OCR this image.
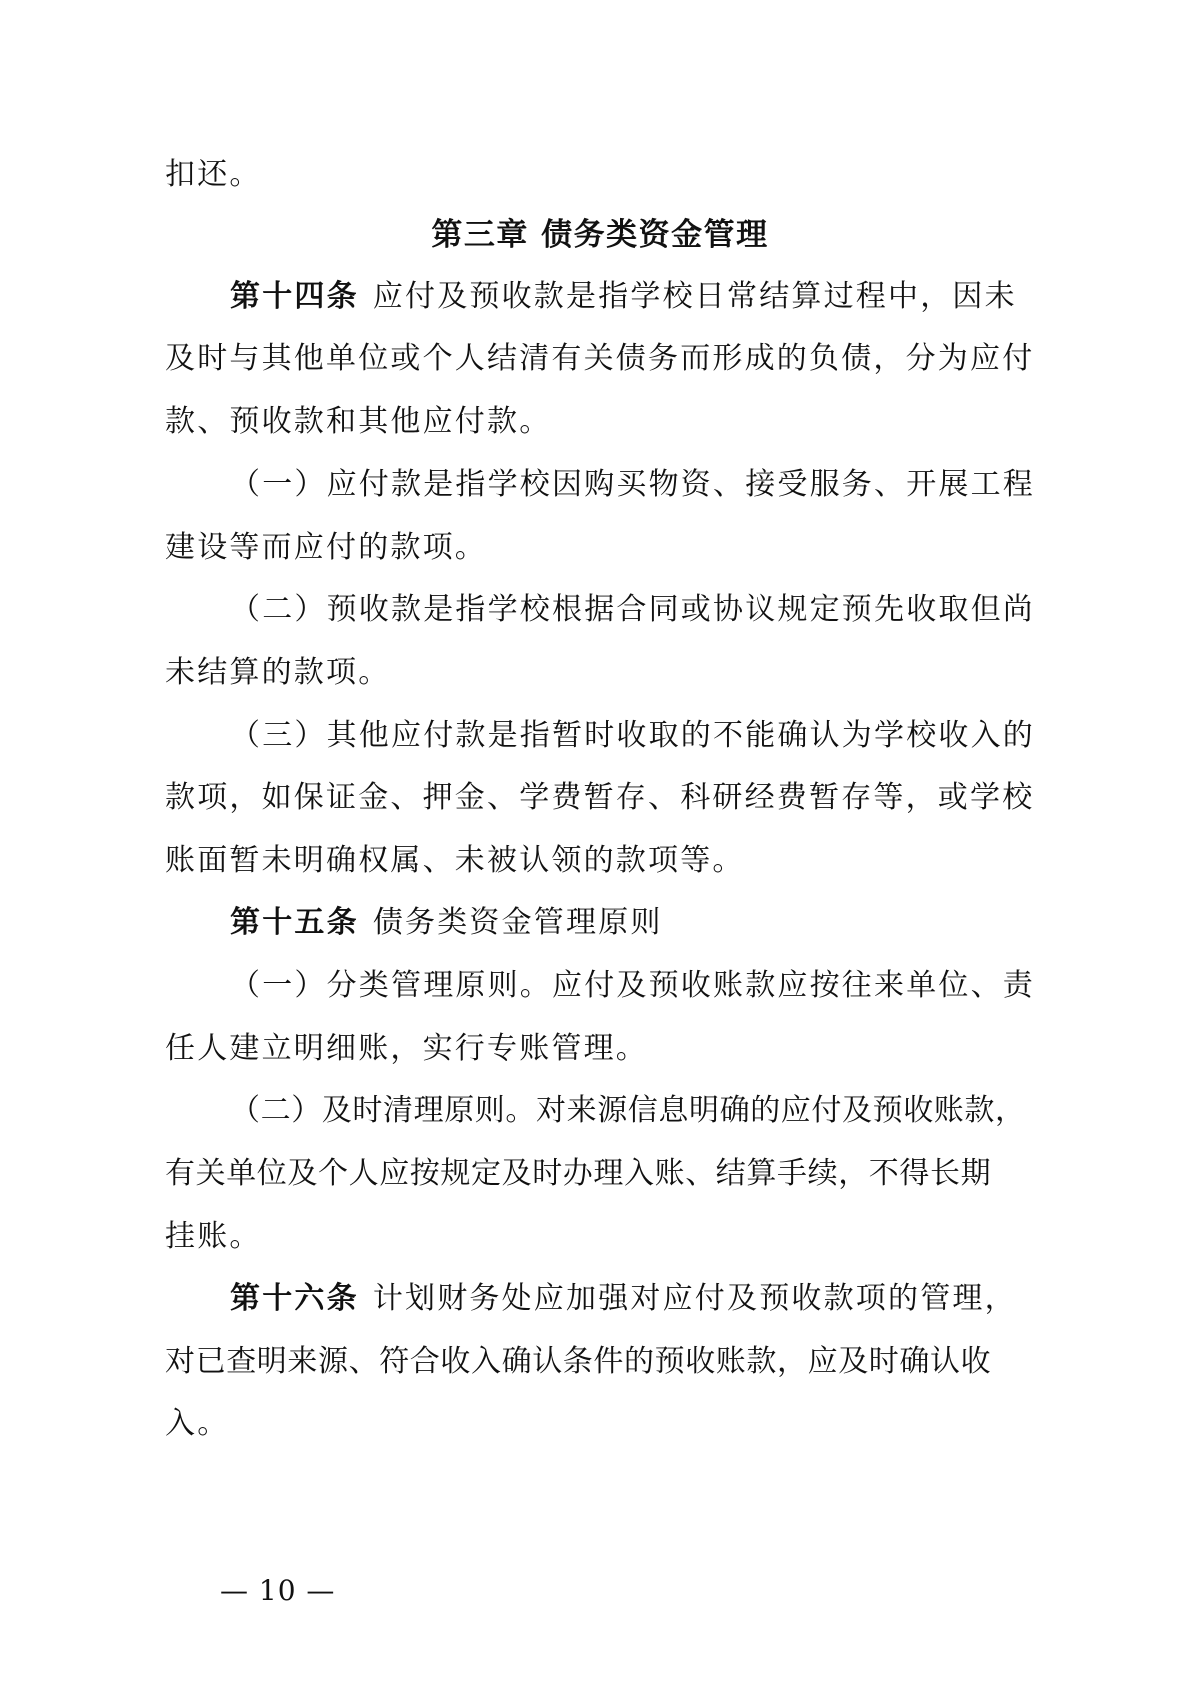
扣还。
第三章 债务类资金管理
第十四条 应付及预收款是指学校日常结算过程中，因未
及时与其他单位或个人结清有关债务而形成的负债，分为应付
款、预收款和其他应付款。
（一）应付款是指学校因购买物资、接受服务、开展工程
建设等而应付的款项。
（二）预收款是指学校根据合同或协议规定预先收取但尚
未结算的款项。
（三）其他应付款是指暂时收取的不能确认为学校收入的
款项，如保证金、押金、学费暂存、科研经费暂存等，或学校
账面暂未明确权属、未被认领的款项等。
第十五条 债务类资金管理原则
（一）分类管理原则。应付及预收账款应按往来单位、责
任人建立明细账，实行专账管理。
（二）及时清理原则。对来源信息明确的应付及预收账款，
有关单位及个人应按规定及时办理入账、结算手续，不得长期
挂账。
第十六条 计划财务处应加强对应付及预收款项的管理，
对已查明来源、符合收入确认条件的预收账款，应及时确认收
入。
— 10 —
